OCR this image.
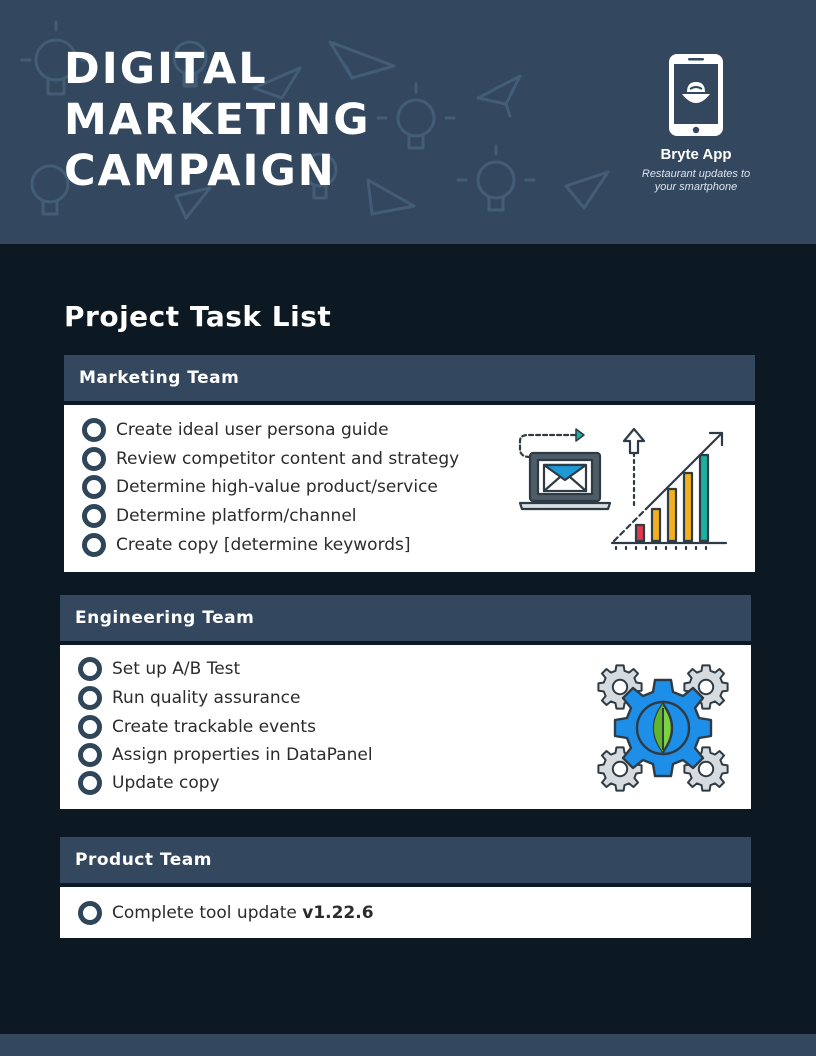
DIGITAL
MARKETING
CAMPAIGN	Bryte App
Restaurant updates to
your smartphone
Project Task List
Marketing Team
Create ideal user persona guide
Review competitor content and strategy
Determine high-value product/service
Determine platform/channel
Create copy [determine keywords]
Engineering Team
Set up A/B Test
Run quality assurance
Create trackable events
Assign properties in DataPanel
Update copy
Product Team
Complete tool update v1.22.6
